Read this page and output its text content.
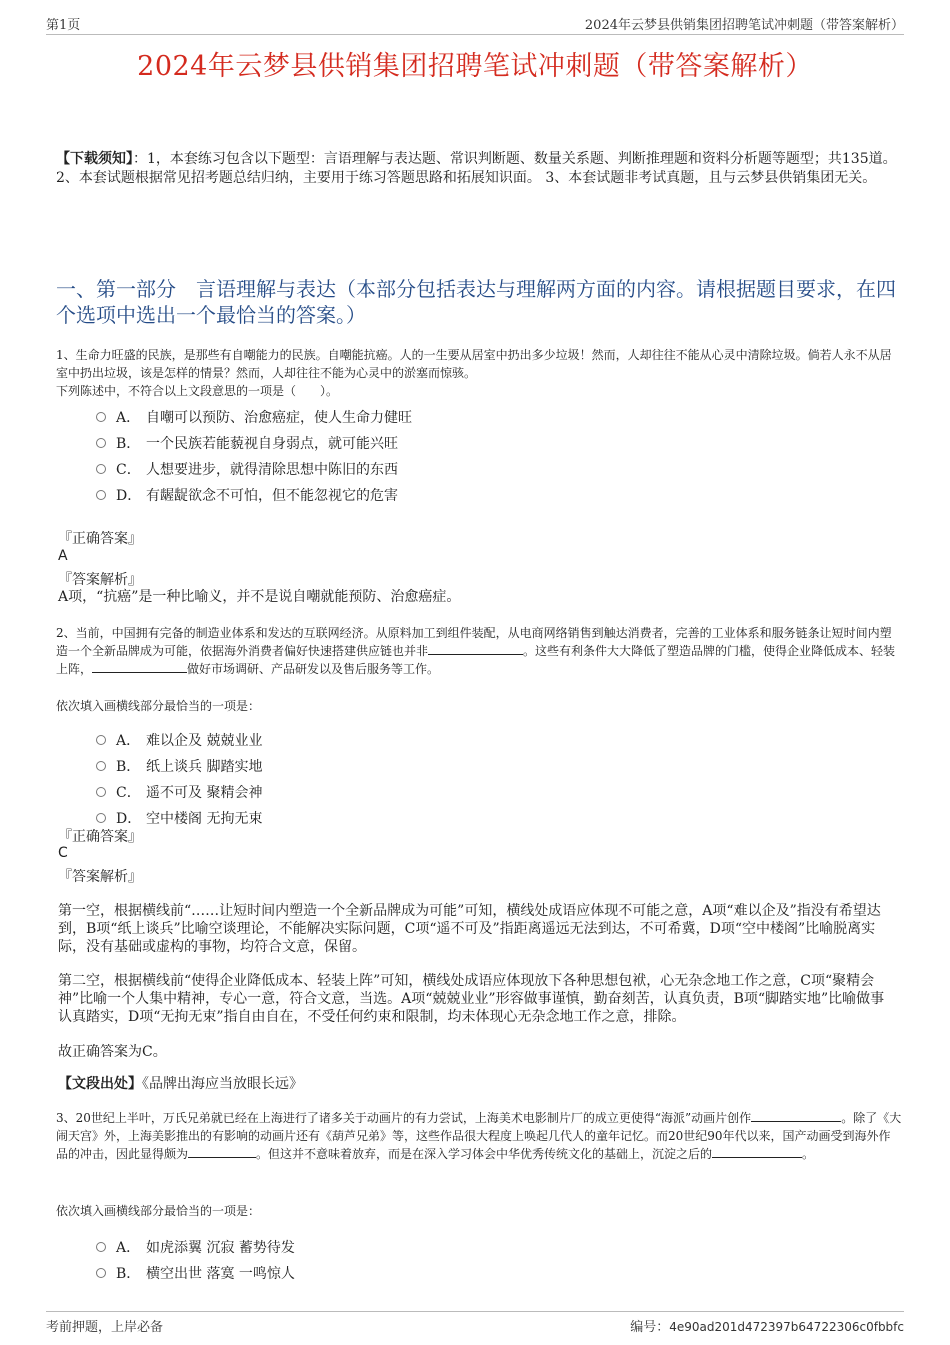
第1页	2024年云梦县供销集团招聘笔试冲刺题（带答案解析）
2024年云梦县供销集团招聘笔试冲刺题（带答案解析）
【下载须知】：1，本套练习包含以下题型：言语理解与表达题、常识判断题、数量关系题、判断推理题和资料分析题等题型；共135道。 2、本套试题根据常见招考题总结归纳，主要用于练习答题思路和拓展知识面。 3、本套试题非考试真题，且与云梦县供销集团无关。
一、第一部分　言语理解与表达（本部分包括表达与理解两方面的内容。请根据题目要求，在四个选项中选出一个最恰当的答案。）
1、生命力旺盛的民族，是那些有自嘲能力的民族。自嘲能抗癌。人的一生要从居室中扔出多少垃圾！然而，人却往往不能从心灵中清除垃圾。倘若人永不从居室中扔出垃圾，该是怎样的情景？然而，人却往往不能为心灵中的淤塞而惊骇。
下列陈述中，不符合以上文段意思的一项是（　　）。
A． 自嘲可以预防、治愈癌症，使人生命力健旺
B． 一个民族若能藐视自身弱点，就可能兴旺
C． 人想要进步，就得清除思想中陈旧的东西
D． 有龌龊欲念不可怕，但不能忽视它的危害
『正确答案』
A
『答案解析』
A项，“抗癌”是一种比喻义，并不是说自嘲就能预防、治愈癌症。
2、当前，中国拥有完备的制造业体系和发达的互联网经济。从原料加工到组件装配，从电商网络销售到触达消费者，完善的工业体系和服务链条让短时间内塑造一个全新品牌成为可能，依据海外消费者偏好快速搭建供应链也并非	。这些有利条件大大降低了塑造品牌的门槛，使得企业降低成本、轻装上阵，	做好市场调研、产品研发以及售后服务等工作。
依次填入画横线部分最恰当的一项是：
A． 难以企及 兢兢业业
B． 纸上谈兵 脚踏实地
C． 遥不可及 聚精会神
D． 空中楼阁 无拘无束
『正确答案』
C
『答案解析』
第一空，根据横线前“……让短时间内塑造一个全新品牌成为可能”可知，横线处成语应体现不可能之意，A项“难以企及”指没有希望达到，B项“纸上谈兵”比喻空谈理论，不能解决实际问题，C项“遥不可及”指距离遥远无法到达，不可希冀，D项“空中楼阁”比喻脱离实际，没有基础或虚构的事物，均符合文意，保留。
第二空，根据横线前“使得企业降低成本、轻装上阵”可知，横线处成语应体现放下各种思想包袱，心无杂念地工作之意，C项“聚精会神”比喻一个人集中精神，专心一意，符合文意，当选。A项“兢兢业业”形容做事谨慎，勤奋刻苦，认真负责，B项“脚踏实地”比喻做事认真踏实，D项“无拘无束”指自由自在，不受任何约束和限制，均未体现心无杂念地工作之意，排除。
故正确答案为C。
【文段出处】《品牌出海应当放眼长远》
3、20世纪上半叶，万氏兄弟就已经在上海进行了诸多关于动画片的有力尝试，上海美术电影制片厂的成立更使得“海派”动画片创作	。除了《大闹天宫》外，上海美影推出的有影响的动画片还有《葫芦兄弟》等，这些作品很大程度上唤起几代人的童年记忆。而20世纪90年代以来，国产动画受到海外作品的冲击，因此显得颇为	。但这并不意味着放弃，而是在深入学习体会中华优秀传统文化的基础上，沉淀之后的	。
依次填入画横线部分最恰当的一项是：
A． 如虎添翼 沉寂 蓄势待发
B． 横空出世 落寞 一鸣惊人
考前押题，上岸必备	编号：4e90ad201d472397b64722306c0fbbfc
